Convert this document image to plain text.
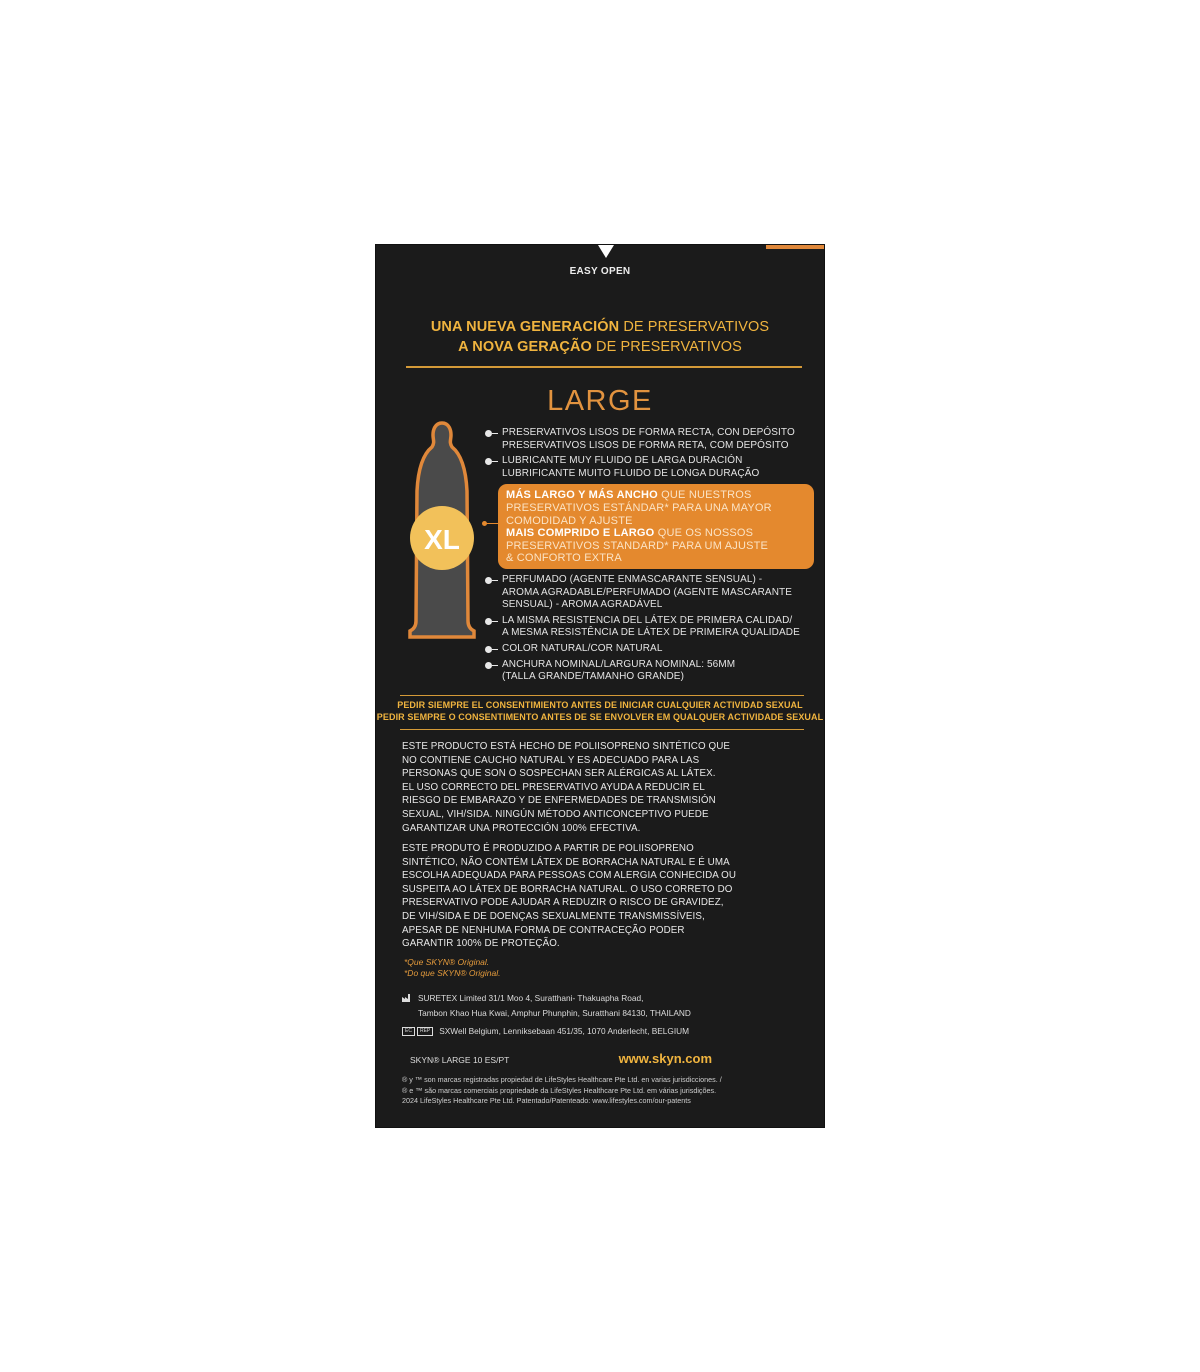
EASY OPEN
UNA NUEVA GENERACIÓN DE PRESERVATIVOS
A NOVA GERAÇÃO DE PRESERVATIVOS
LARGE
XL
PRESERVATIVOS LISOS DE FORMA RECTA, CON DEPÓSITO
PRESERVATIVOS LISOS DE FORMA RETA, COM DEPÓSITO
LUBRICANTE MUY FLUIDO DE LARGA DURACIÓN
LUBRIFICANTE MUITO FLUIDO DE LONGA DURAÇÃO
MÁS LARGO Y MÁS ANCHO QUE NUESTROS
PRESERVATIVOS ESTÁNDAR* PARA UNA MAYOR
COMODIDAD Y AJUSTE
MAIS COMPRIDO E LARGO QUE OS NOSSOS
PRESERVATIVOS STANDARD* PARA UM AJUSTE
& CONFORTO EXTRA
PERFUMADO (AGENTE ENMASCARANTE SENSUAL) -
AROMA AGRADABLE/PERFUMADO (AGENTE MASCARANTE
SENSUAL) - AROMA AGRADÁVEL
LA MISMA RESISTENCIA DEL LÁTEX DE PRIMERA CALIDAD/
A MESMA RESISTÊNCIA DE LÁTEX DE PRIMEIRA QUALIDADE
COLOR NATURAL/COR NATURAL
ANCHURA NOMINAL/LARGURA NOMINAL: 56MM
(TALLA GRANDE/TAMANHO GRANDE)
PEDIR SIEMPRE EL CONSENTIMIENTO ANTES DE INICIAR CUALQUIER ACTIVIDAD SEXUAL
PEDIR SEMPRE O CONSENTIMENTO ANTES DE SE ENVOLVER EM QUALQUER ACTIVIDADE SEXUAL
ESTE PRODUCTO ESTÁ HECHO DE POLIISOPRENO SINTÉTICO QUE
NO CONTIENE CAUCHO NATURAL Y ES ADECUADO PARA LAS
PERSONAS QUE SON O SOSPECHAN SER ALÉRGICAS AL LÁTEX.
EL USO CORRECTO DEL PRESERVATIVO AYUDA A REDUCIR EL
RIESGO DE EMBARAZO Y DE ENFERMEDADES DE TRANSMISIÓN
SEXUAL, VIH/SIDA. NINGÚN MÉTODO ANTICONCEPTIVO PUEDE
GARANTIZAR UNA PROTECCIÓN 100% EFECTIVA.
ESTE PRODUTO É PRODUZIDO A PARTIR DE POLIISOPRENO
SINTÉTICO, NÃO CONTÉM LÁTEX DE BORRACHA NATURAL E É UMA
ESCOLHA ADEQUADA PARA PESSOAS COM ALERGIA CONHECIDA OU
SUSPEITA AO LÁTEX DE BORRACHA NATURAL. O USO CORRETO DO
PRESERVATIVO PODE AJUDAR A REDUZIR O RISCO DE GRAVIDEZ,
DE VIH/SIDA E DE DOENÇAS SEXUALMENTE TRANSMISSÍVEIS,
APESAR DE NENHUMA FORMA DE CONTRACEÇÃO PODER
GARANTIR 100% DE PROTEÇÃO.
*Que SKYN® Original.
*Do que SKYN® Original.
SURETEX Limited 31/1 Moo 4, Suratthani- Thakuapha Road,
Tambon Khao Hua Kwai, Amphur Phunphin, Suratthani 84130, THAILAND
EC REP SXWell Belgium, Lenniksebaan 451/35, 1070 Anderlecht, BELGIUM
SKYN® LARGE 10 ES/PT	www.skyn.com
® y ™ son marcas registradas propiedad de LifeStyles Healthcare Pte Ltd. en varias jurisdicciones. /
® e ™ são marcas comerciais propriedade da LifeStyles Healthcare Pte Ltd. em várias jurisdições.
2024 LifeStyles Healthcare Pte Ltd. Patentado/Patenteado: www.lifestyles.com/our-patents
